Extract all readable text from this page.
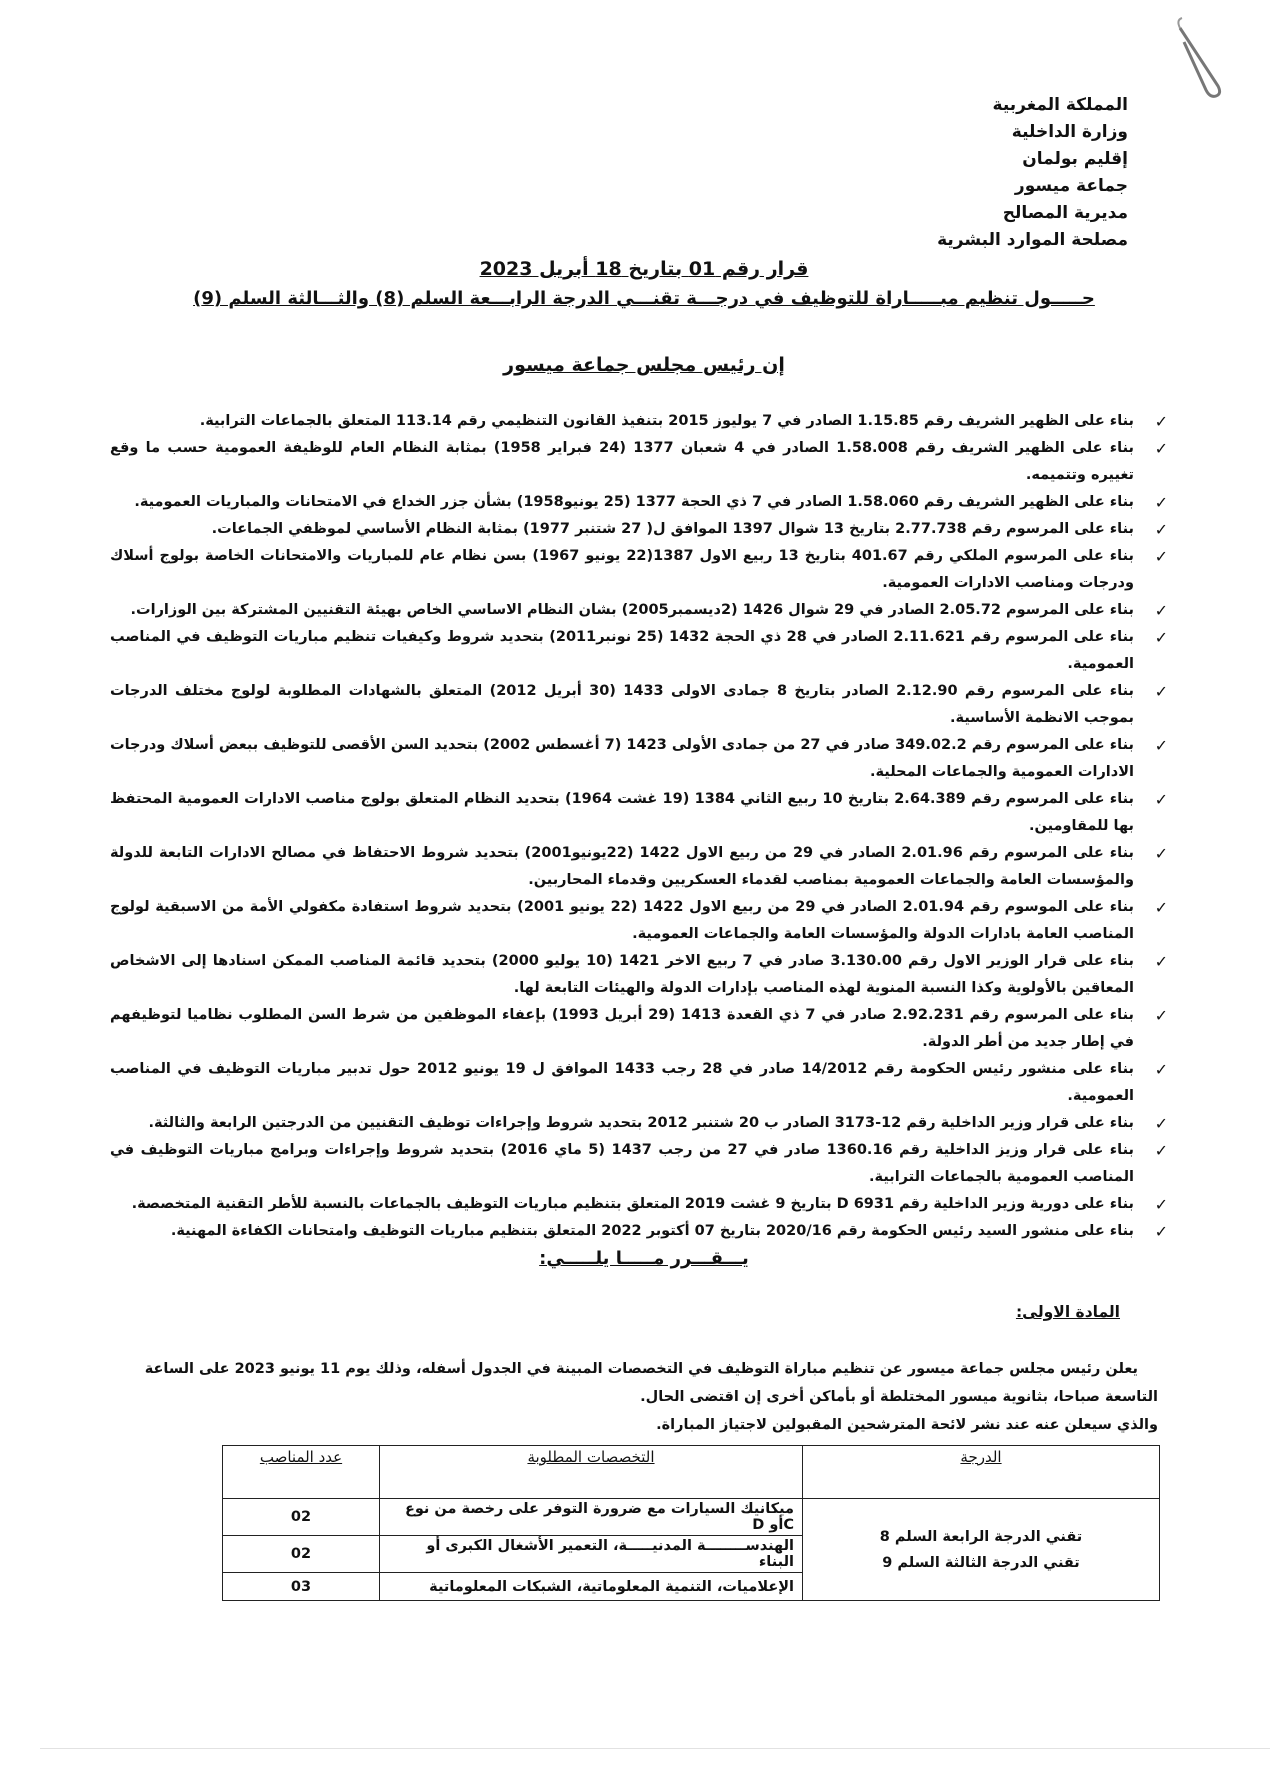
المملكة المغربية
وزارة الداخلية
إقليم بولمان
جماعة ميسور
مديرية المصالح
مصلحة الموارد البشرية
قرار رقم 01 بتاريخ 18 أبريل 2023
حـــــول تنظيم مبـــــاراة للتوظيف في درجـــة تقنـــي الدرجة الرابـــعة السلم (8) والثـــالثة السلم (9)
إن رئيس مجلس جماعة ميسور
✓
بناء على الظهير الشريف رقم 1.15.85 الصادر في 7 يوليوز 2015 بتنفيذ القانون التنظيمي رقم 113.14 المتعلق بالجماعات الترابية.
✓
بناء على الظهير الشريف رقم 1.58.008 الصادر في 4 شعبان 1377 (24 فبراير 1958) بمثابة النظام العام للوظيفة العمومية حسب ما وقع تغييره وتتميمه.
✓
بناء على الظهير الشريف رقم 1.58.060 الصادر في 7 ذي الحجة 1377 (25 يونيو1958) بشأن جزر الخداع في الامتحانات والمباريات العمومية.
✓
بناء على المرسوم رقم 2.77.738 بتاريخ 13 شوال 1397 الموافق ل( 27 شتنبر 1977) بمثابة النظام الأساسي لموظفي الجماعات.
✓
بناء على المرسوم الملكي رقم 401.67 بتاريخ 13 ربيع الاول 1387(22 يونيو 1967) بسن نظام عام للمباريات والامتحانات الخاصة بولوج أسلاك ودرجات ومناصب الادارات العمومية.
✓
بناء على المرسوم 2.05.72 الصادر في 29 شوال 1426 (2ديسمبر2005) بشان النظام الاساسي الخاص بهيئة التقنيين المشتركة بين الوزارات.
✓
بناء على المرسوم رقم 2.11.621 الصادر في 28 ذي الحجة 1432 (25 نونبر2011) بتحديد شروط وكيفيات تنظيم مباريات التوظيف في المناصب العمومية.
✓
بناء على المرسوم رقم 2.12.90 الصادر بتاريخ 8 جمادى الاولى 1433 (30 أبريل 2012) المتعلق بالشهادات المطلوبة لولوج مختلف الدرجات بموجب الانظمة الأساسية.
✓
بناء على المرسوم رقم 349.02.2 صادر في 27 من جمادى الأولى 1423 (7 أغسطس 2002) بتحديد السن الأقصى للتوظيف ببعض أسلاك ودرجات الادارات العمومية والجماعات المحلية.
✓
بناء على المرسوم رقم 2.64.389 بتاريخ 10 ربيع الثاني 1384 (19 غشت 1964) بتحديد النظام المتعلق بولوج مناصب الادارات العمومية المحتفظ بها للمقاومين.
✓
بناء على المرسوم رقم 2.01.96 الصادر في 29 من ربيع الاول 1422 (22يونيو2001) بتحديد شروط الاحتفاظ في مصالح الادارات التابعة للدولة والمؤسسات العامة والجماعات العمومية بمناصب لقدماء العسكريين وقدماء المحاربين.
✓
بناء على الموسوم رقم 2.01.94 الصادر في 29 من ربيع الاول 1422 (22 يونيو 2001) بتحديد شروط استفادة مكفولي الأمة من الاسبقية لولوج المناصب العامة بادارات الدولة والمؤسسات العامة والجماعات العمومية.
✓
بناء على قرار الوزير الاول رقم 3.130.00 صادر في 7 ربيع الاخر 1421 (10 يوليو 2000) بتحديد قائمة المناصب الممكن اسنادها إلى الاشخاص المعاقين بالأولوية وكذا النسبة المنوية لهذه المناصب بإدارات الدولة والهيئات التابعة لها.
✓
بناء على المرسوم رقم 2.92.231 صادر في 7 ذي القعدة 1413 (29 أبريل 1993) بإعفاء الموظفين من شرط السن المطلوب نظاميا لتوظيفهم في إطار جديد من أطر الدولة.
✓
بناء على منشور رئيس الحكومة رقم 14/2012 صادر في 28 رجب 1433 الموافق ل 19 يونيو 2012 حول تدبير مباريات التوظيف في المناصب العمومية.
✓
بناء على قرار وزير الداخلية رقم 12-3173 الصادر ب 20 شتنبر 2012 بتحديد شروط وإجراءات توظيف التقنيين من الدرجتين الرابعة والثالثة.
✓
بناء على قرار وزيز الداخلية رقم 1360.16 صادر في 27 من رجب 1437 (5 ماي 2016) بتحديد شروط وإجراءات وبرامج مباريات التوظيف في المناصب العمومية بالجماعات الترابية.
✓
بناء على دورية وزير الداخلية رقم D 6931 بتاريخ 9 غشت 2019 المتعلق بتنظيم مباريات التوظيف بالجماعات بالنسبة للأطر التقنية المتخصصة.
✓
بناء على منشور السيد رئيس الحكومة رقم 2020/16 بتاريخ 07 أكتوبر 2022 المتعلق بتنظيم مباريات التوظيف وامتحانات الكفاءة المهنية.
يـــقـــرر مـــــا يلـــــي:
المادة الاولى:

يعلن رئيس مجلس جماعة ميسور عن تنظيم مباراة التوظيف في التخصصات المبينة في الجدول أسفله، وذلك يوم 11 يونيو 2023 على الساعة التاسعة صباحا، بثانوية ميسور المختلطة أو بأماكن أخرى إن اقتضى الحال.

والذي سيعلن عنه عند نشر لائحة المترشحين المقبولين لاجتياز المباراة.

الدرجة	التخصصات المطلوبة	عدد المناصب

تقني الدرجة الرابعة السلم 8
تقني الدرجة الثالثة السلم 9	ميكانيك السيارات مع ضرورة التوفر على رخصة من نوع Cأو D	02
	الهندســــــــة المدنيـــــة، التعمير الأشغال الكبرى أو البناء	02
	الإعلاميات، التنمية المعلوماتية، الشبكات المعلوماتية	03
